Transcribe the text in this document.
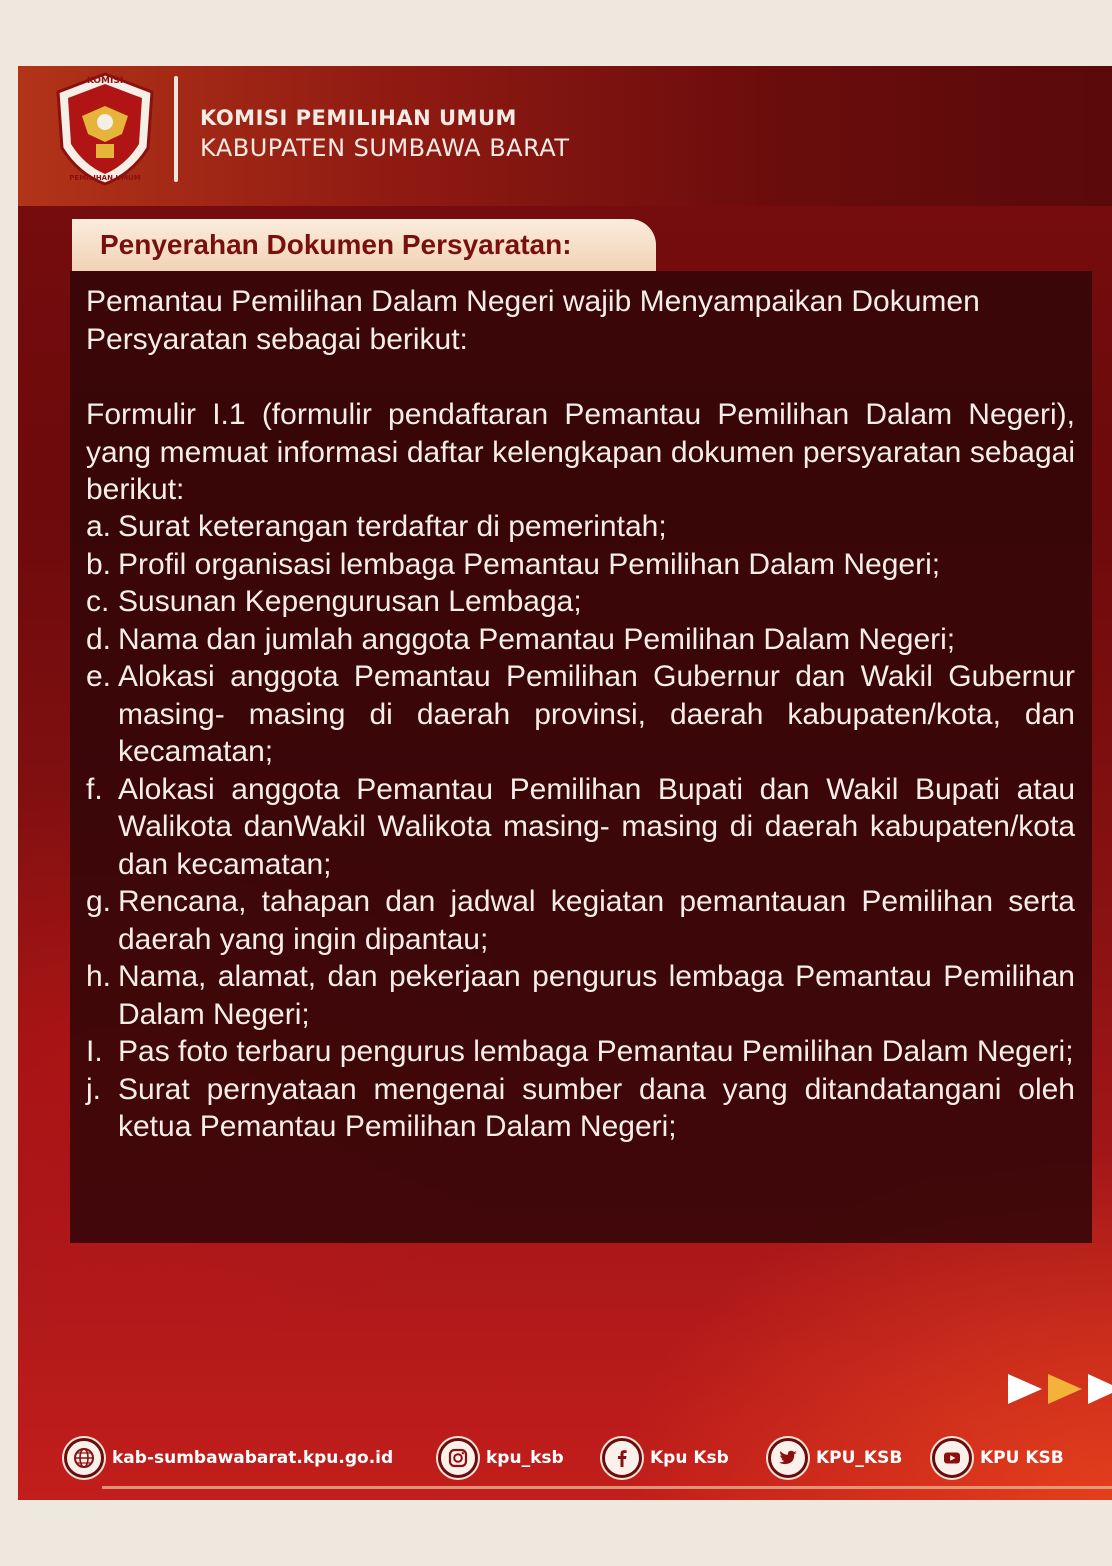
KOMISI
PEMILIHAN UMUM
KOMISI PEMILIHAN UMUM
KABUPATEN SUMBAWA BARAT
Penyerahan Dokumen Persyaratan:

Pemantau Pemilihan Dalam Negeri wajib Menyampaikan Dokumen Persyaratan sebagai berikut:

Formulir I.1 (formulir pendaftaran Pemantau Pemilihan Dalam Negeri), yang memuat informasi daftar kelengkapan dokumen persyaratan sebagai berikut:

a. Surat keterangan terdaftar di pemerintah;
b. Profil organisasi lembaga Pemantau Pemilihan Dalam Negeri;
c. Susunan Kepengurusan Lembaga;
d. Nama dan jumlah anggota Pemantau Pemilihan Dalam Negeri;
e. Alokasi anggota Pemantau Pemilihan Gubernur dan Wakil Gubernur masing- masing di daerah provinsi, daerah kabupaten/kota, dan kecamatan;
f. Alokasi anggota Pemantau Pemilihan Bupati dan Wakil Bupati atau Walikota danWakil Walikota masing- masing di daerah kabupaten/kota dan kecamatan;
g. Rencana, tahapan dan jadwal kegiatan pemantauan Pemilihan serta daerah yang ingin dipantau;
h. Nama, alamat, dan pekerjaan pengurus lembaga Pemantau Pemilihan Dalam Negeri;
I. Pas foto terbaru pengurus lembaga Pemantau Pemilihan Dalam Negeri;
j. Surat pernyataan mengenai sumber dana yang ditandatangani oleh ketua Pemantau Pemilihan Dalam Negeri;
kab-sumbawabarat.kpu.go.id	kpu_ksb	Kpu Ksb	KPU_KSB	KPU KSB
